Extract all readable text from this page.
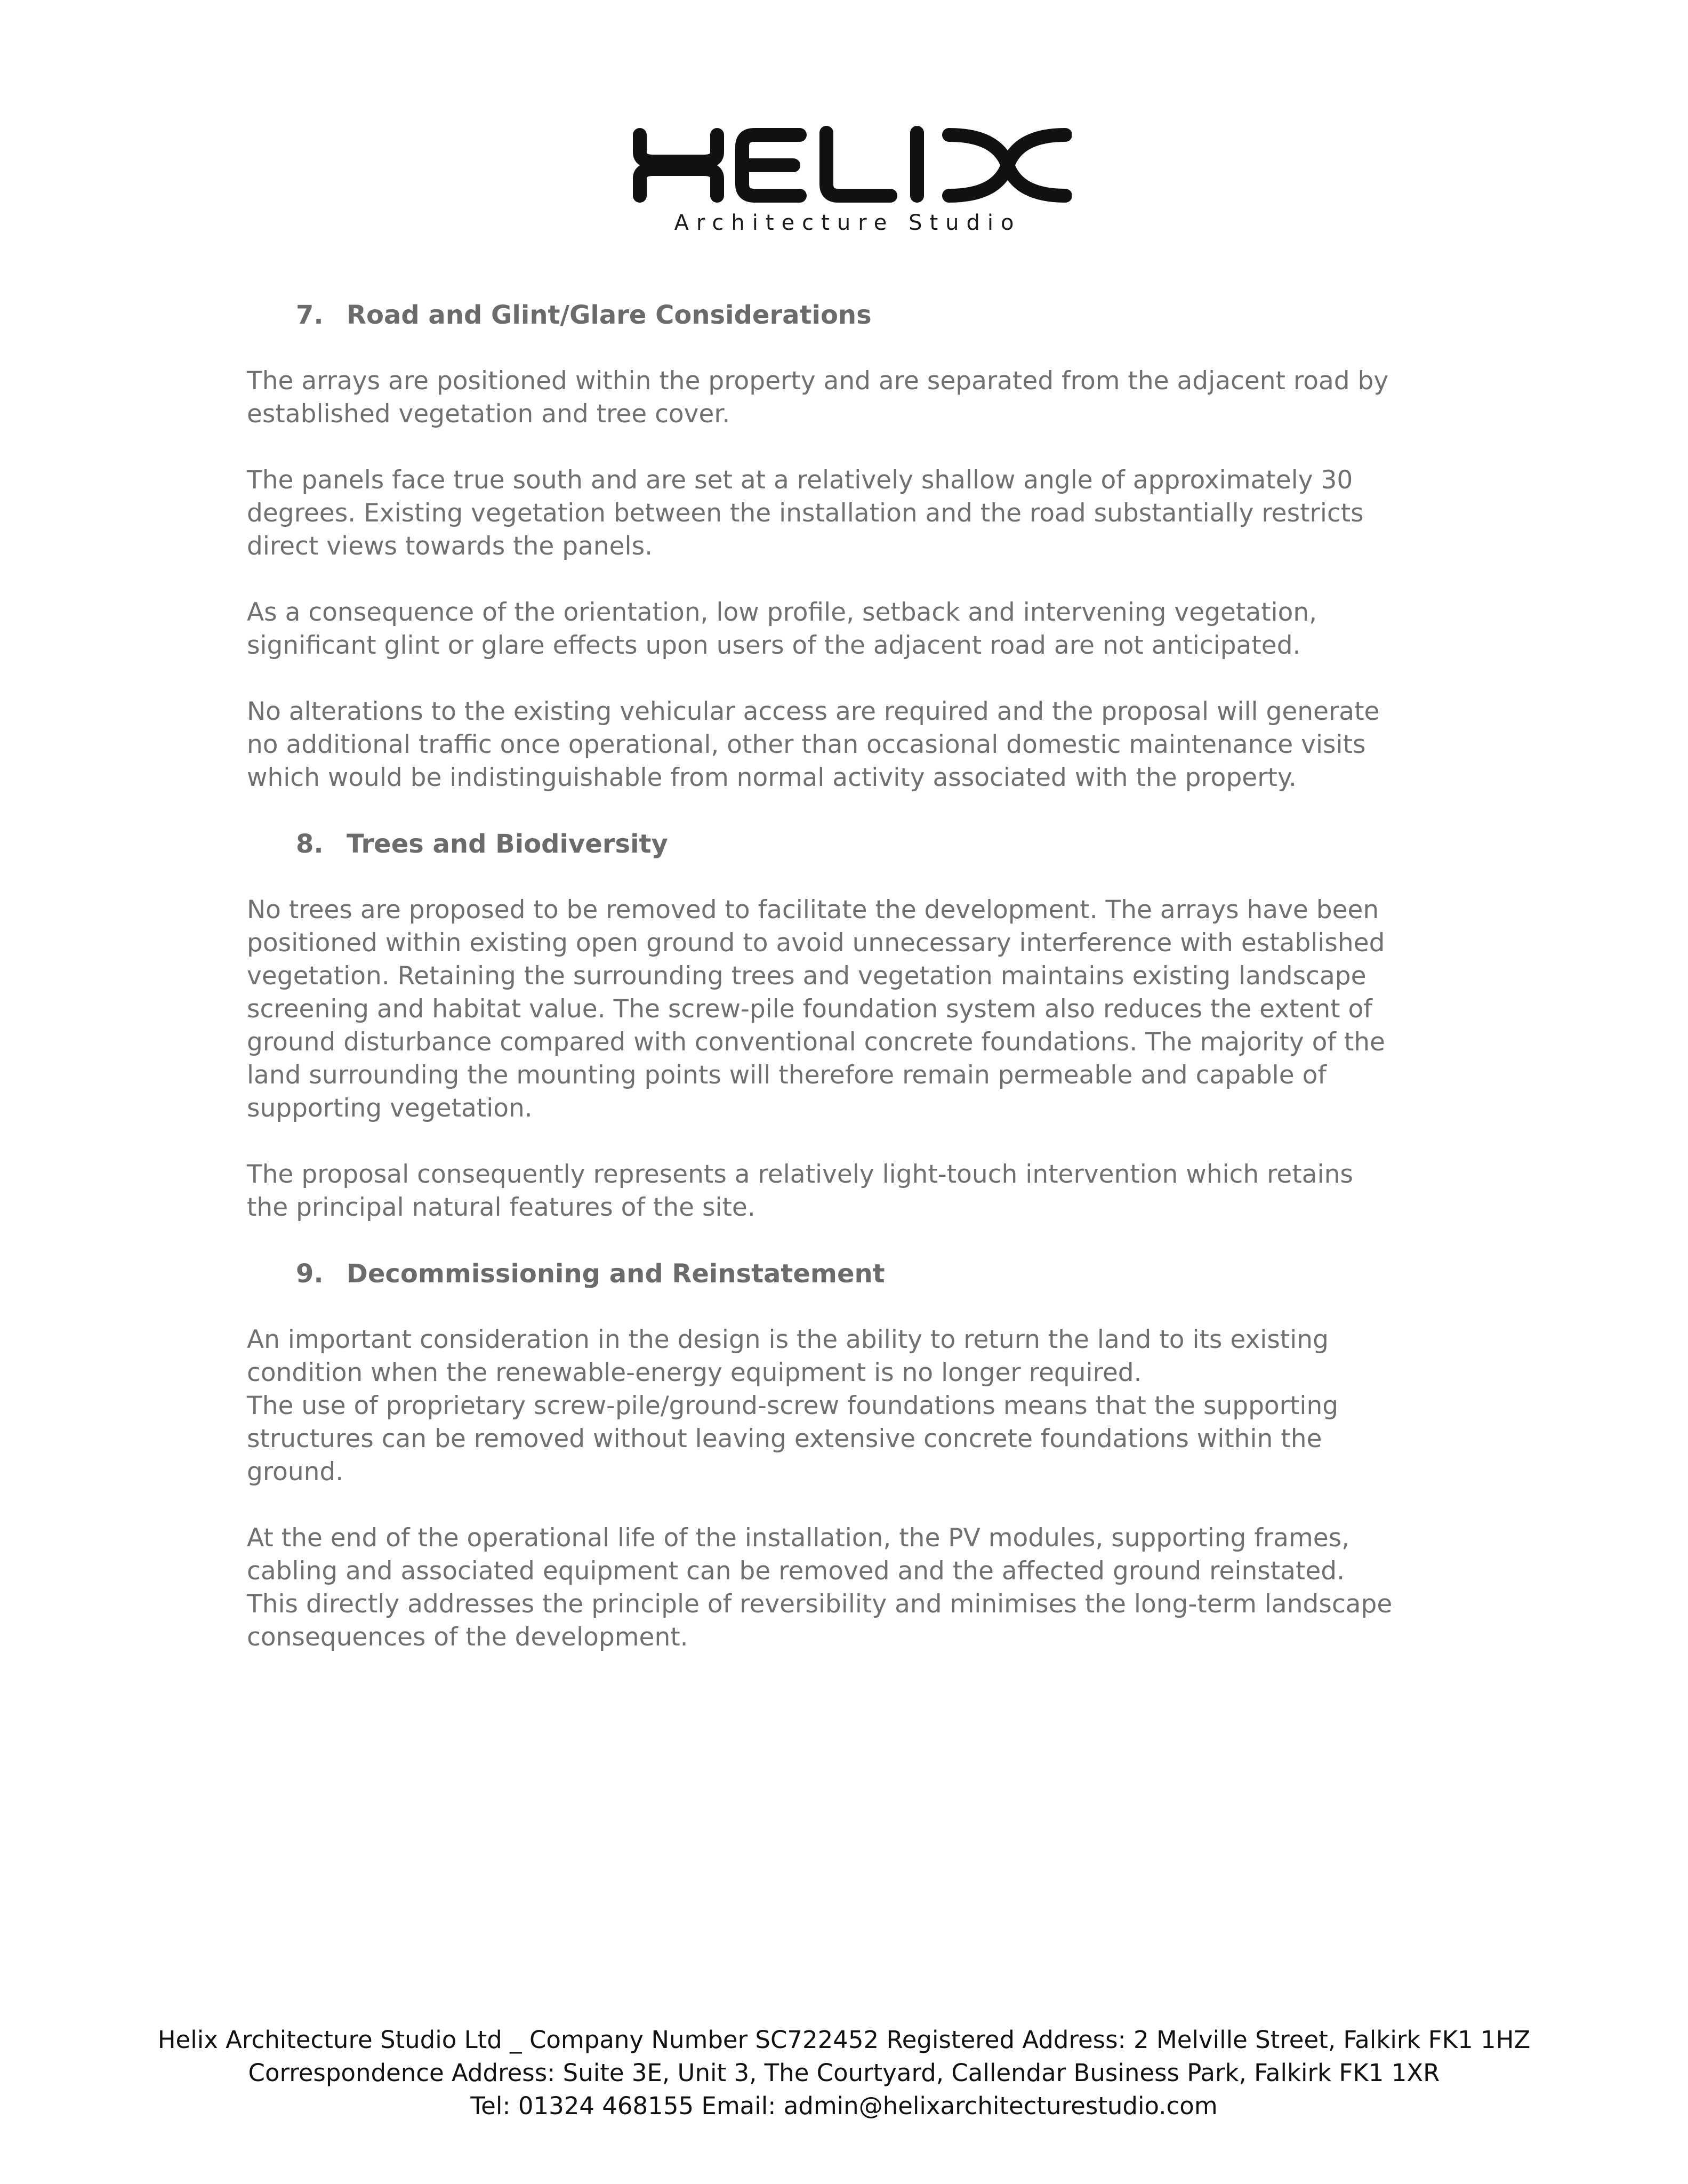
Architecture Studio
7. Road and Glint/Glare Considerations

The arrays are positioned within the property and are separated from the adjacent road by
established vegetation and tree cover.

The panels face true south and are set at a relatively shallow angle of approximately 30
degrees. Existing vegetation between the installation and the road substantially restricts
direct views towards the panels.

As a consequence of the orientation, low profile, setback and intervening vegetation,
significant glint or glare effects upon users of the adjacent road are not anticipated.

No alterations to the existing vehicular access are required and the proposal will generate
no additional traffic once operational, other than occasional domestic maintenance visits
which would be indistinguishable from normal activity associated with the property.

8. Trees and Biodiversity

No trees are proposed to be removed to facilitate the development. The arrays have been
positioned within existing open ground to avoid unnecessary interference with established
vegetation. Retaining the surrounding trees and vegetation maintains existing landscape
screening and habitat value. The screw-pile foundation system also reduces the extent of
ground disturbance compared with conventional concrete foundations. The majority of the
land surrounding the mounting points will therefore remain permeable and capable of
supporting vegetation.

The proposal consequently represents a relatively light-touch intervention which retains
the principal natural features of the site.

9. Decommissioning and Reinstatement

An important consideration in the design is the ability to return the land to its existing
condition when the renewable-energy equipment is no longer required.
The use of proprietary screw-pile/ground-screw foundations means that the supporting
structures can be removed without leaving extensive concrete foundations within the
ground.

At the end of the operational life of the installation, the PV modules, supporting frames,
cabling and associated equipment can be removed and the affected ground reinstated.
This directly addresses the principle of reversibility and minimises the long-term landscape
consequences of the development.

Helix Architecture Studio Ltd _ Company Number SC722452 Registered Address: 2 Melville Street, Falkirk FK1 1HZ
Correspondence Address: Suite 3E, Unit 3, The Courtyard, Callendar Business Park, Falkirk FK1 1XR
Tel: 01324 468155 Email: admin@helixarchitecturestudio.com
